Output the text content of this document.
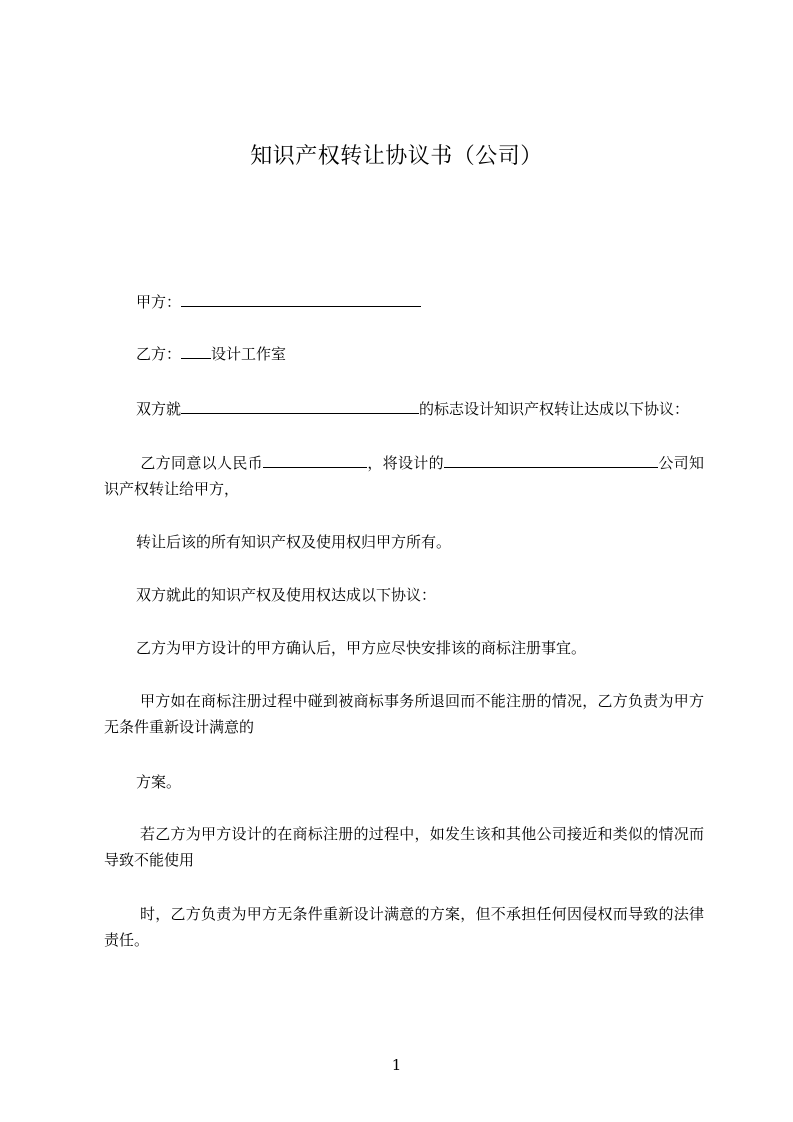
知识产权转让协议书（公司）
甲方：
乙方： 设计工作室
双方就	的标志设计知识产权转让达成以下协议：
乙方同意以人民币	，将设计的	公司知识产权转让给甲方，
转让后该的所有知识产权及使用权归甲方所有。
双方就此的知识产权及使用权达成以下协议：
乙方为甲方设计的甲方确认后，甲方应尽快安排该的商标注册事宜。
甲方如在商标注册过程中碰到被商标事务所退回而不能注册的情况，乙方负责为甲方无条件重新设计满意的
方案。
若乙方为甲方设计的在商标注册的过程中，如发生该和其他公司接近和类似的情况而导致不能使用
时，乙方负责为甲方无条件重新设计满意的方案，但不承担任何因侵权而导致的法律责任。
1
